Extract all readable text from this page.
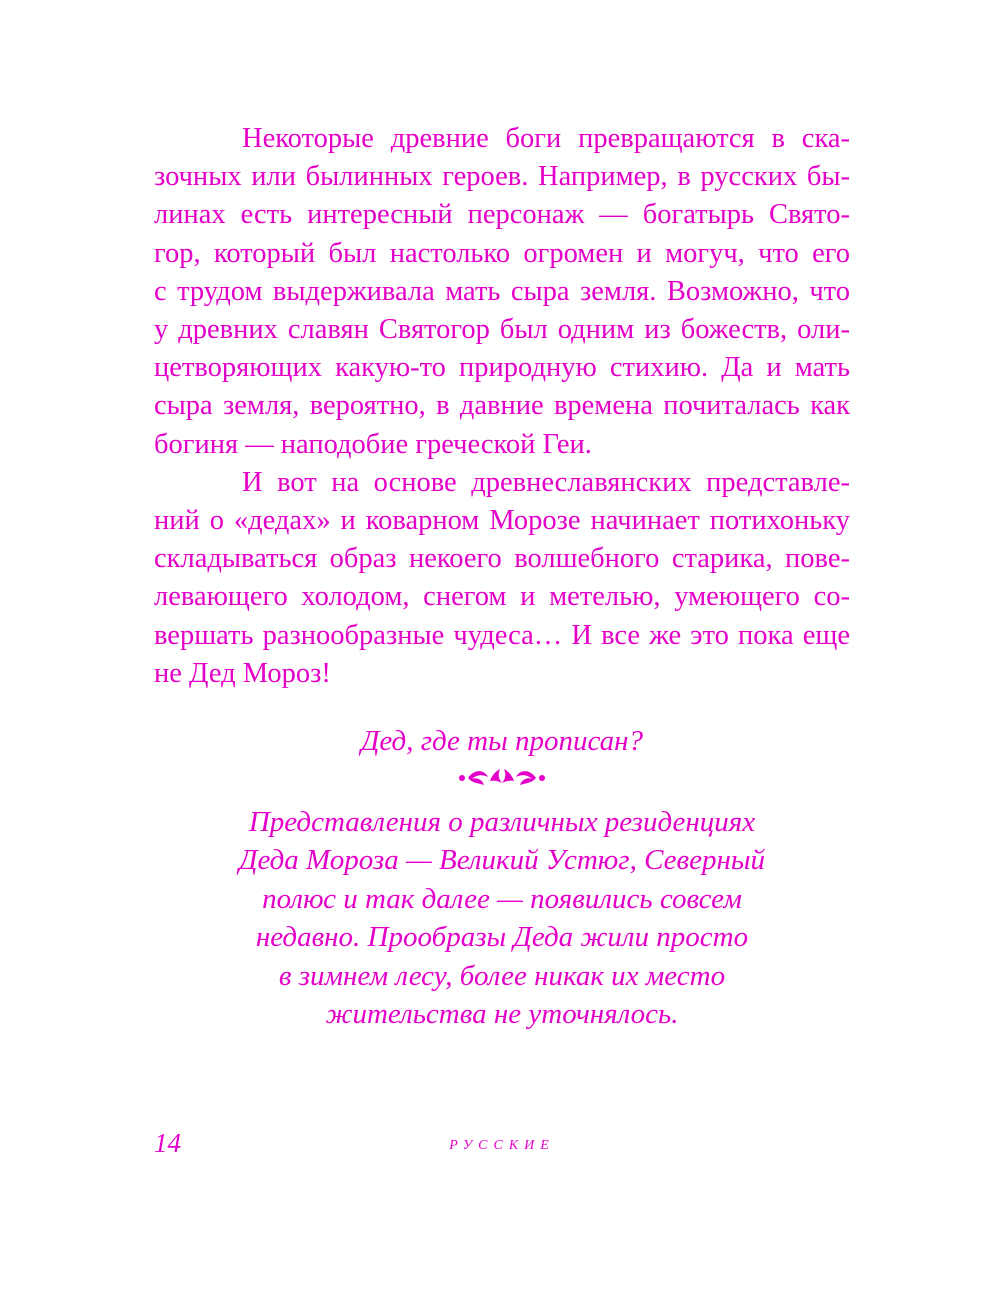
Некоторые древние боги превращаются в ска-
зочных или былинных героев. Например, в русских бы-
линах есть интересный персонаж — богатырь Свято-
гор, который был настолько огромен и могуч, что его
с трудом выдерживала мать сыра земля. Возможно, что
у древних славян Святогор был одним из божеств, оли-
цетворяющих какую-то природную стихию. Да и мать
сыра земля, вероятно, в давние времена почиталась как
богиня — наподобие греческой Геи.

И вот на основе древнеславянских представле-
ний о «дедах» и коварном Морозе начинает потихоньку
складываться образ некоего волшебного старика, пове-
левающего холодом, снегом и метелью, умеющего со-
вершать разнообразные чудеса… И все же это пока еще
не Дед Мороз!

Дед, где ты прописан?
Представления о различных резиденциях
Деда Мороза — Великий Устюг, Северный
полюс и так далее — появились совсем
недавно. Прообразы Деда жили просто
в зимнем лесу, более никак их место
жительства не уточнялось.
14	РУССКИЕ
